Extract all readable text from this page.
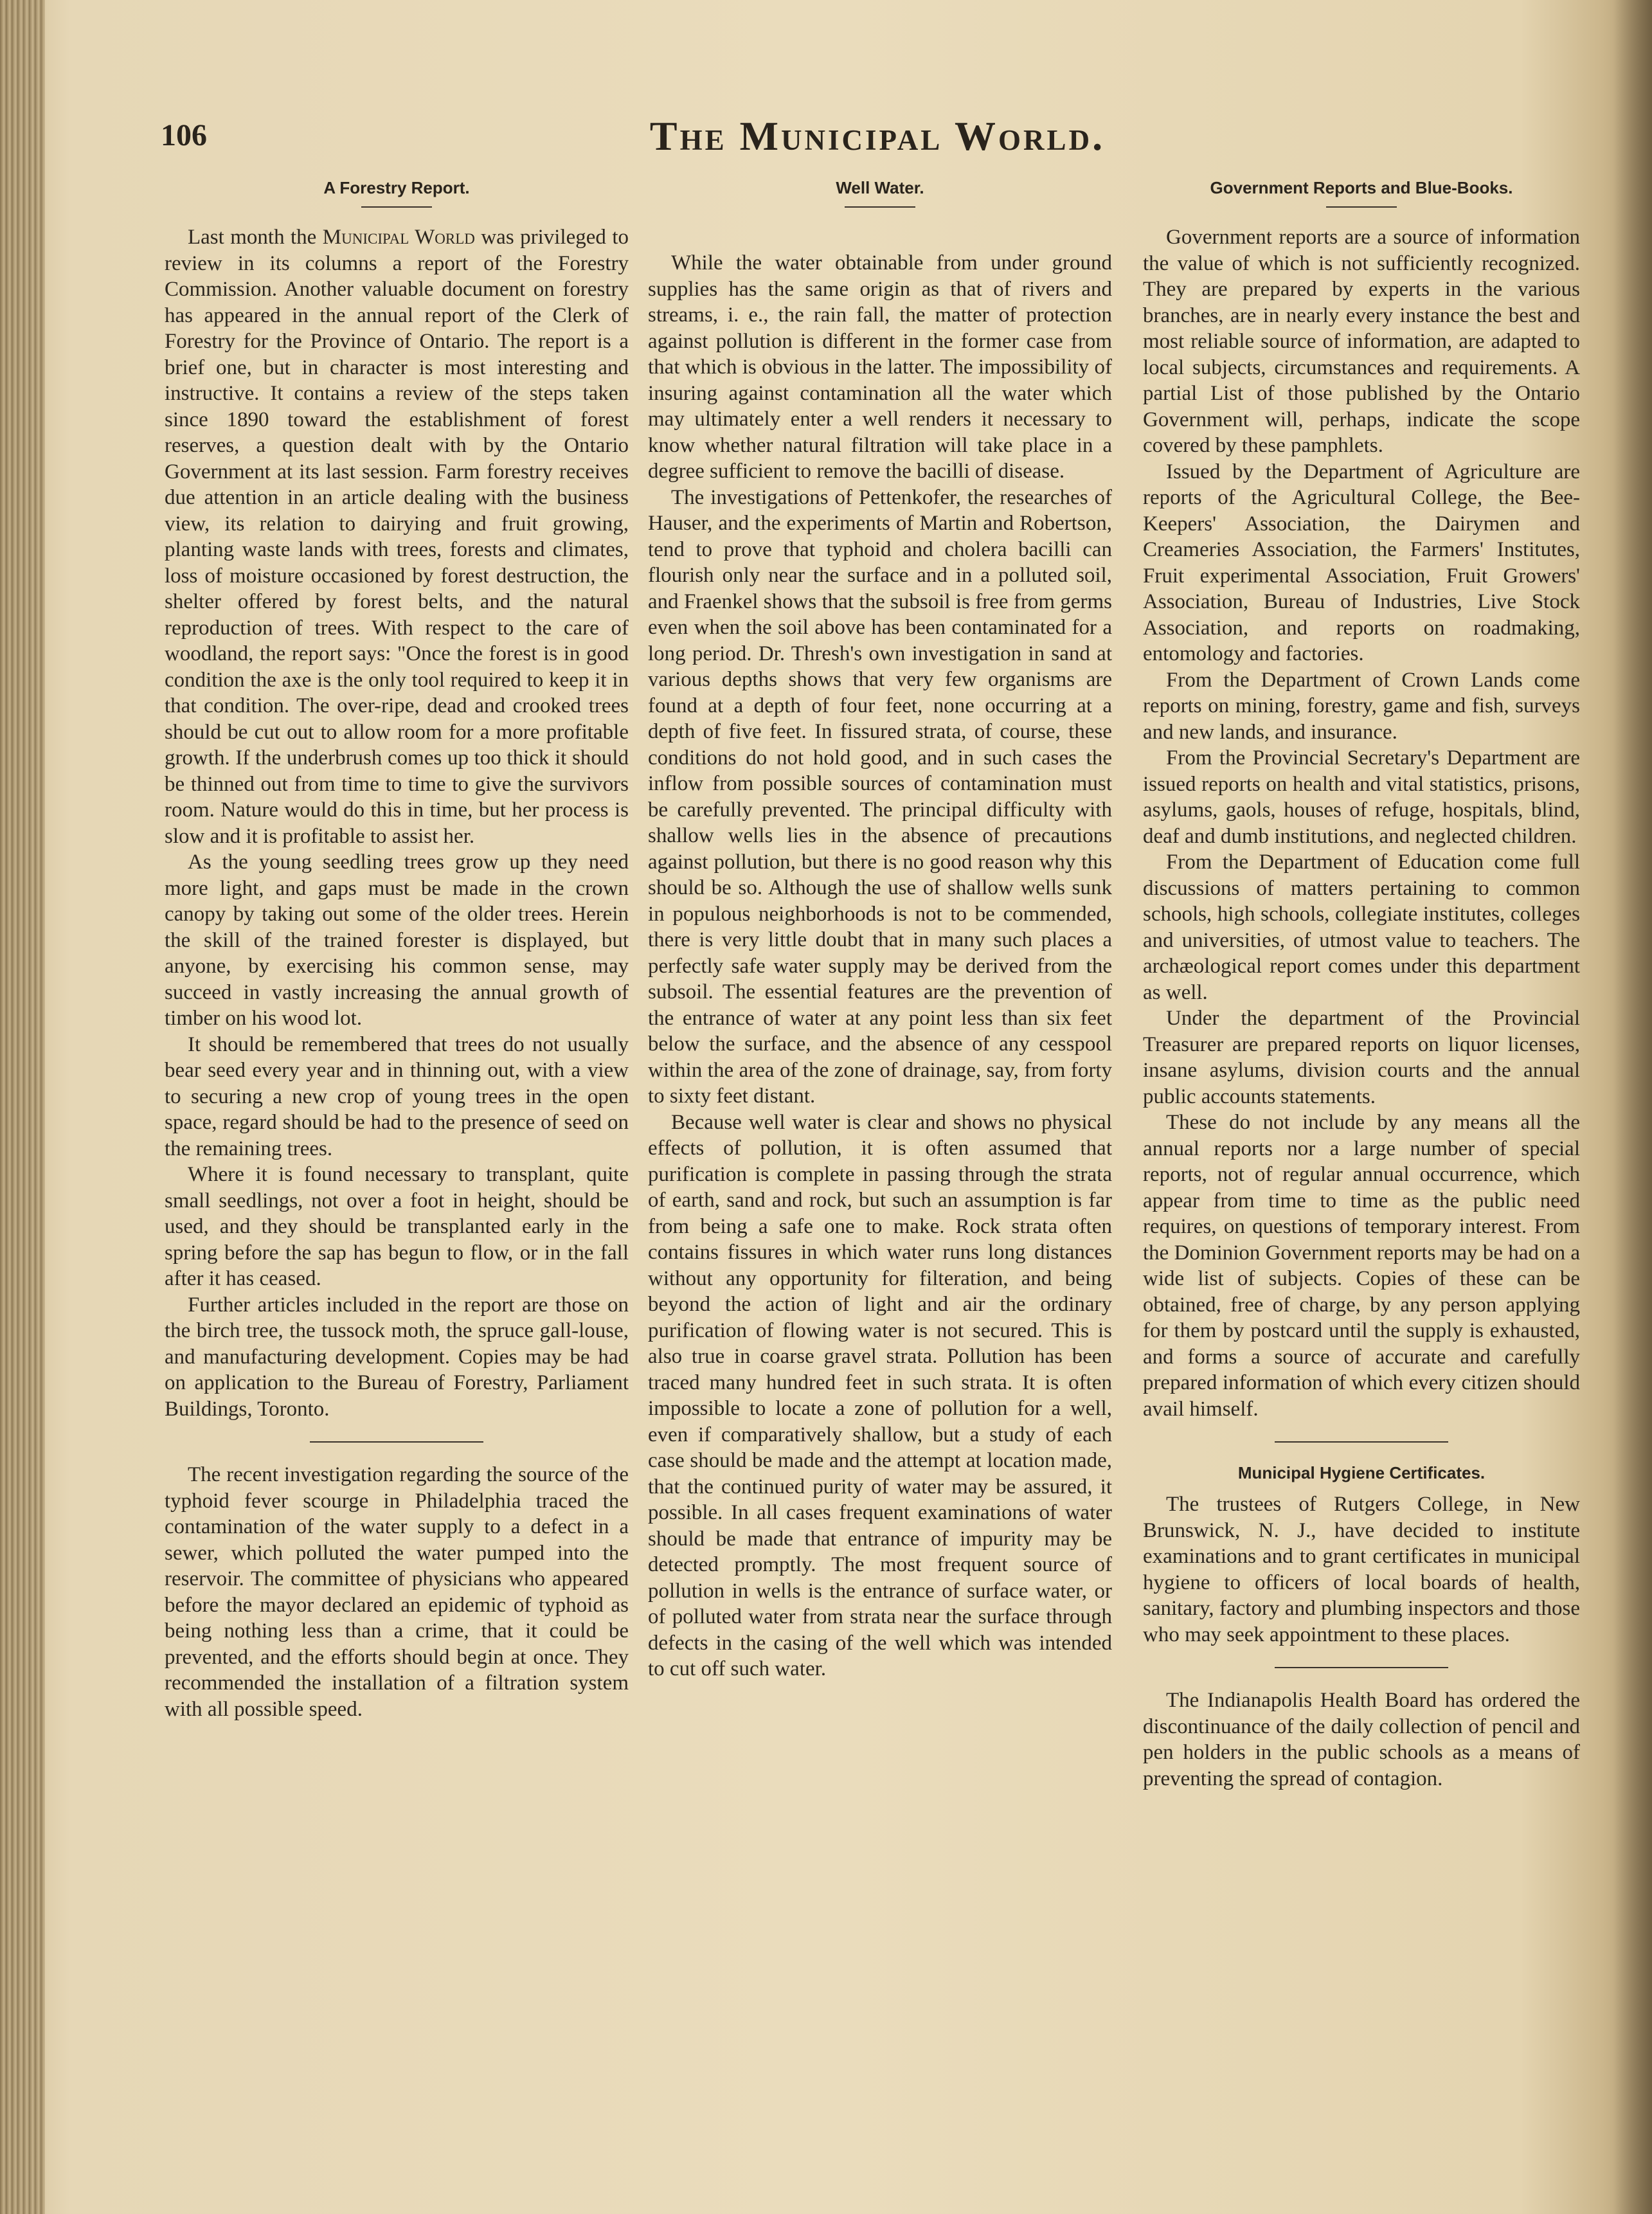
106	The Municipal World.
A Forestry Report.

Last month the Municipal World was privileged to review in its columns a report of the Forestry Commission. Another valuable document on forestry has appeared in the annual report of the Clerk of Forestry for the Province of Ontario. The report is a brief one, but in character is most interesting and instructive. It contains a review of the steps taken since 1890 toward the establishment of forest reserves, a question dealt with by the Ontario Government at its last session. Farm forestry receives due attention in an article dealing with the business view, its relation to dairying and fruit growing, planting waste lands with trees, forests and climates, loss of moisture occasioned by forest destruction, the shelter offered by forest belts, and the natural reproduction of trees. With respect to the care of woodland, the report says: "Once the forest is in good condition the axe is the only tool required to keep it in that condition. The over-ripe, dead and crooked trees should be cut out to allow room for a more profitable growth. If the underbrush comes up too thick it should be thinned out from time to time to give the survivors room. Nature would do this in time, but her process is slow and it is profitable to assist her.

As the young seedling trees grow up they need more light, and gaps must be made in the crown canopy by taking out some of the older trees. Herein the skill of the trained forester is displayed, but anyone, by exercising his common sense, may succeed in vastly increasing the annual growth of timber on his wood lot.

It should be remembered that trees do not usually bear seed every year and in thinning out, with a view to securing a new crop of young trees in the open space, regard should be had to the presence of seed on the remaining trees.

Where it is found necessary to transplant, quite small seedlings, not over a foot in height, should be used, and they should be transplanted early in the spring before the sap has begun to flow, or in the fall after it has ceased.

Further articles included in the report are those on the birch tree, the tussock moth, the spruce gall-louse, and manufacturing development. Copies may be had on application to the Bureau of Forestry, Parliament Buildings, Toronto.

The recent investigation regarding the source of the typhoid fever scourge in Philadelphia traced the contamination of the water supply to a defect in a sewer, which polluted the water pumped into the reservoir. The committee of physicians who appeared before the mayor declared an epidemic of typhoid as being nothing less than a crime, that it could be prevented, and the efforts should begin at once. They recommended the installation of a filtration system with all possible speed.

Well Water.

While the water obtainable from under ground supplies has the same origin as that of rivers and streams, i. e., the rain fall, the matter of protection against pollution is different in the former case from that which is obvious in the latter. The impossibility of insuring against contamination all the water which may ultimately enter a well renders it necessary to know whether natural filtration will take place in a degree sufficient to remove the bacilli of disease.

The investigations of Pettenkofer, the researches of Hauser, and the experiments of Martin and Robertson, tend to prove that typhoid and cholera bacilli can flourish only near the surface and in a polluted soil, and Fraenkel shows that the subsoil is free from germs even when the soil above has been contaminated for a long period. Dr. Thresh's own investigation in sand at various depths shows that very few organisms are found at a depth of four feet, none occurring at a depth of five feet. In fissured strata, of course, these conditions do not hold good, and in such cases the inflow from possible sources of contamination must be carefully prevented. The principal difficulty with shallow wells lies in the absence of precautions against pollution, but there is no good reason why this should be so. Although the use of shallow wells sunk in populous neighborhoods is not to be commended, there is very little doubt that in many such places a perfectly safe water supply may be derived from the subsoil. The essential features are the prevention of the entrance of water at any point less than six feet below the surface, and the absence of any cesspool within the area of the zone of drainage, say, from forty to sixty feet distant.

Because well water is clear and shows no physical effects of pollution, it is often assumed that purification is complete in passing through the strata of earth, sand and rock, but such an assumption is far from being a safe one to make. Rock strata often contains fissures in which water runs long distances without any opportunity for filteration, and being beyond the action of light and air the ordinary purification of flowing water is not secured. This is also true in coarse gravel strata. Pollution has been traced many hundred feet in such strata. It is often impossible to locate a zone of pollution for a well, even if comparatively shallow, but a study of each case should be made and the attempt at location made, that the continued purity of water may be assured, it possible. In all cases frequent examinations of water should be made that entrance of impurity may be detected promptly. The most frequent source of pollution in wells is the entrance of surface water, or of polluted water from strata near the surface through defects in the casing of the well which was intended to cut off such water.

Government Reports and Blue-Books.

Government reports are a source of information the value of which is not sufficiently recognized. They are prepared by experts in the various branches, are in nearly every instance the best and most reliable source of information, are adapted to local subjects, circumstances and requirements. A partial List of those published by the Ontario Government will, perhaps, indicate the scope covered by these pamphlets.

Issued by the Department of Agriculture are reports of the Agricultural College, the Bee-Keepers' Association, the Dairymen and Creameries Association, the Farmers' Institutes, Fruit experimental Association, Fruit Growers' Association, Bureau of Industries, Live Stock Association, and reports on roadmaking, entomology and factories.

From the Department of Crown Lands come reports on mining, forestry, game and fish, surveys and new lands, and insurance.

From the Provincial Secretary's Department are issued reports on health and vital statistics, prisons, asylums, gaols, houses of refuge, hospitals, blind, deaf and dumb institutions, and neglected children.

From the Department of Education come full discussions of matters pertaining to common schools, high schools, collegiate institutes, colleges and universities, of utmost value to teachers. The archæological report comes under this department as well.

Under the department of the Provincial Treasurer are prepared reports on liquor licenses, insane asylums, division courts and the annual public accounts statements.

These do not include by any means all the annual reports nor a large number of special reports, not of regular annual occurrence, which appear from time to time as the public need requires, on questions of temporary interest. From the Dominion Government reports may be had on a wide list of subjects. Copies of these can be obtained, free of charge, by any person applying for them by postcard until the supply is exhausted, and forms a source of accurate and carefully prepared information of which every citizen should avail himself.

Municipal Hygiene Certificates.

The trustees of Rutgers College, in New Brunswick, N. J., have decided to institute examinations and to grant certificates in municipal hygiene to officers of local boards of health, sanitary, factory and plumbing inspectors and those who may seek appointment to these places.

The Indianapolis Health Board has ordered the discontinuance of the daily collection of pencil and pen holders in the public schools as a means of preventing the spread of contagion.
